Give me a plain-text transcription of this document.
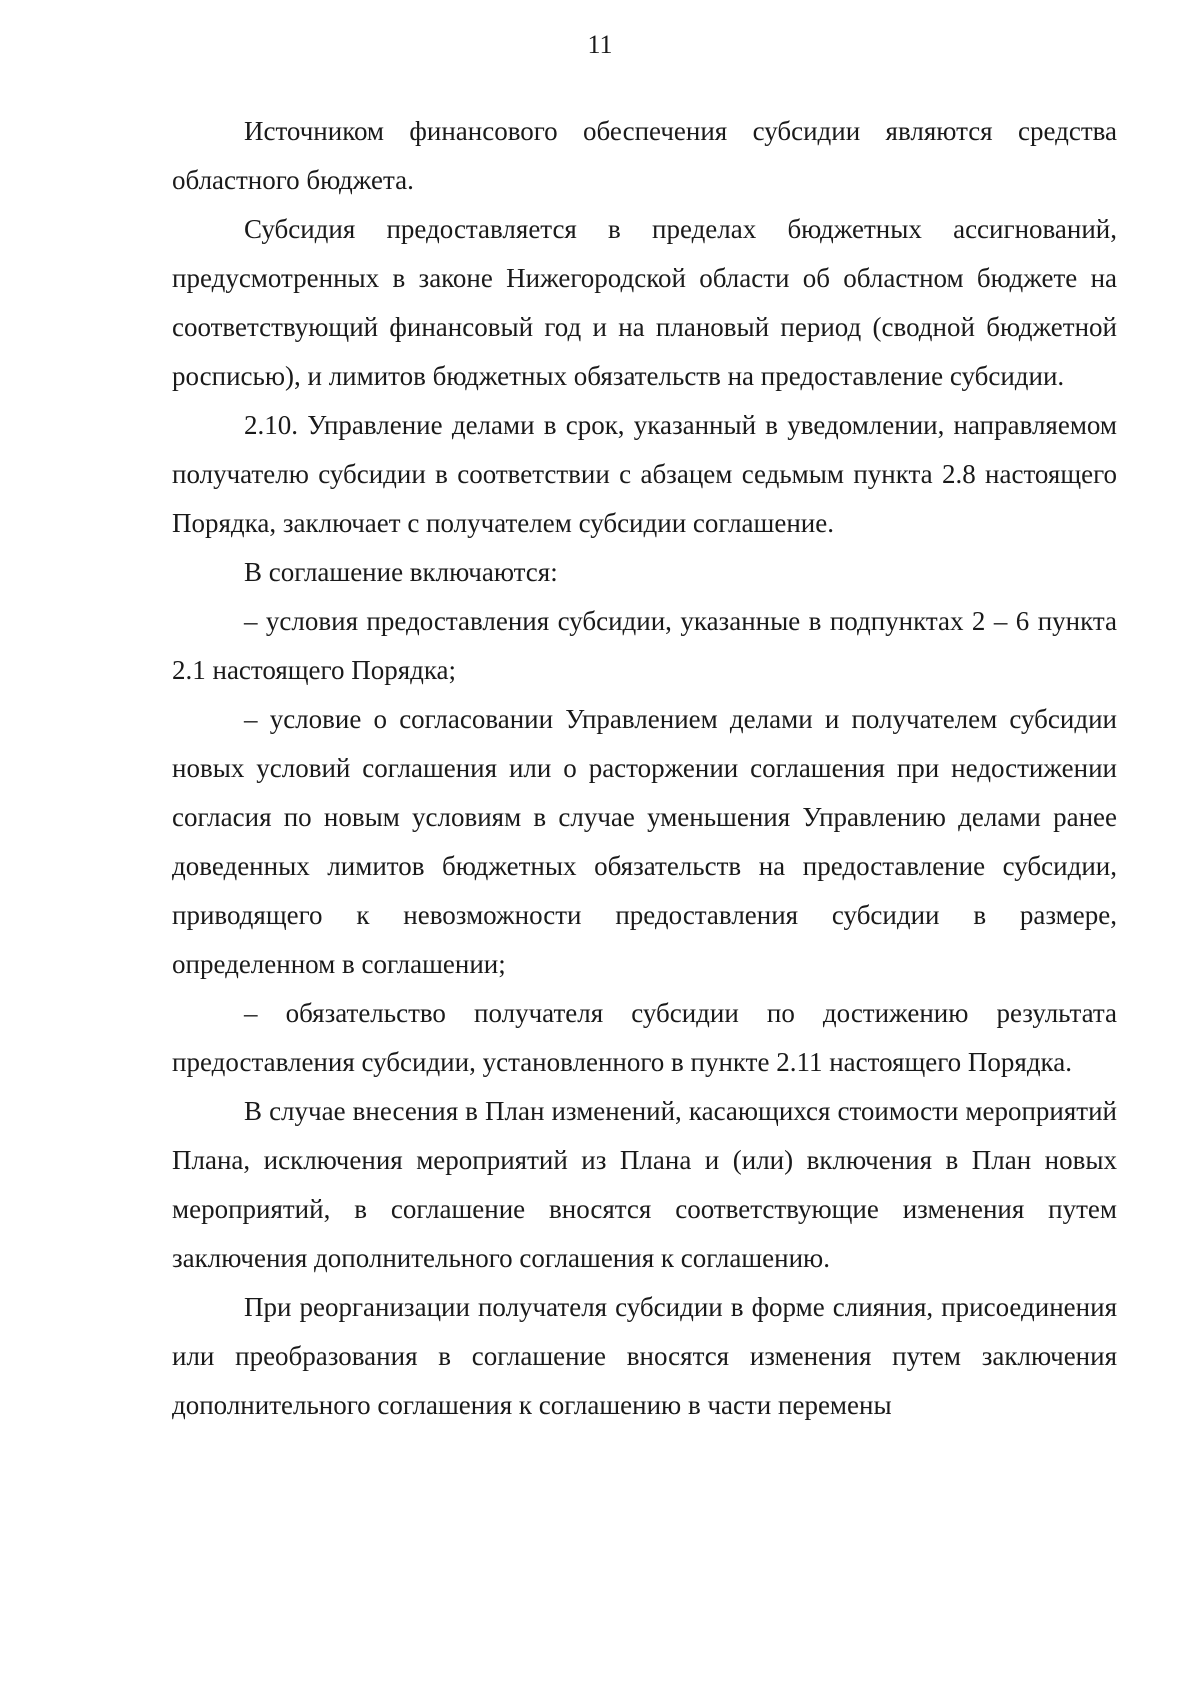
11

Источником финансового обеспечения субсидии являются средства областного бюджета.

Субсидия предоставляется в пределах бюджетных ассигнований, предусмотренных в законе Нижегородской области об областном бюджете на соответствующий финансовый год и на плановый период (сводной бюджетной росписью), и лимитов бюджетных обязательств на предоставление субсидии.

2.10. Управление делами в срок, указанный в уведомлении, направляемом получателю субсидии в соответствии с абзацем седьмым пункта 2.8 настоящего Порядка, заключает с получателем субсидии соглашение.

В соглашение включаются:

– условия предоставления субсидии, указанные в подпунктах 2 – 6 пункта 2.1 настоящего Порядка;

– условие о согласовании Управлением делами и получателем субсидии новых условий соглашения или о расторжении соглашения при недостижении согласия по новым условиям в случае уменьшения Управлению делами ранее доведенных лимитов бюджетных обязательств на предоставление субсидии, приводящего к невозможности предоставления субсидии в размере, определенном в соглашении;

– обязательство получателя субсидии по достижению результата предоставления субсидии, установленного в пункте 2.11 настоящего Порядка.

В случае внесения в План изменений, касающихся стоимости мероприятий Плана, исключения мероприятий из Плана и (или) включения в План новых мероприятий, в соглашение вносятся соответствующие изменения путем заключения дополнительного соглашения к соглашению.

При реорганизации получателя субсидии в форме слияния, присоединения или преобразования в соглашение вносятся изменения путем заключения дополнительного соглашения к соглашению в части перемены
